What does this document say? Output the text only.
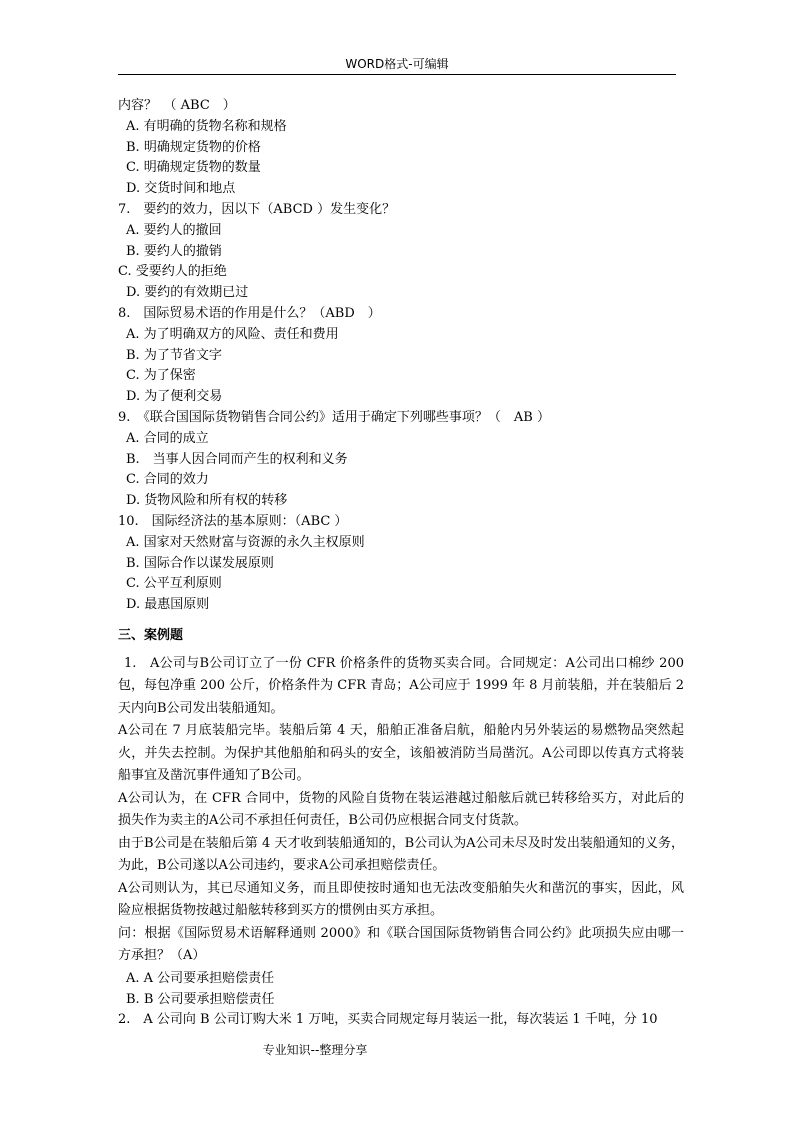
WORD格式-可编辑
内容？　（ ABC　）
A. 有明确的货物名称和规格
B. 明确规定货物的价格
C. 明确规定货物的数量
D. 交货时间和地点
7.　要约的效力，因以下（ABCD ）发生变化？
A. 要约人的撤回
B. 要约人的撤销
C. 受要约人的拒绝
D. 要约的有效期已过
8.　国际贸易术语的作用是什么？（ABD　）
A. 为了明确双方的风险、责任和费用
B. 为了节省文字
C. 为了保密
D. 为了便利交易
9.　《联合国国际货物销售合同公约》适用于确定下列哪些事项？（　AB ）
A. 合同的成立
B.　当事人因合同而产生的权利和义务
C. 合同的效力
D. 货物风险和所有权的转移
10.　国际经济法的基本原则：（ABC ）
A. 国家对天然财富与资源的永久主权原则
B. 国际合作以谋发展原则
C. 公平互利原则
D. 最惠国原则
三、案例题
1.　A公司与B公司订立了一份 CFR 价格条件的货物买卖合同。合同规定：A公司出口棉纱 200 包，每包净重 200 公斤，价格条件为 CFR 青岛；A公司应于 1999 年 8 月前装船，并在装船后 2 天内向B公司发出装船通知。
A公司在 7 月底装船完毕。装船后第 4 天，船舶正准备启航，船舱内另外装运的易燃物品突然起火，并失去控制。为保护其他船舶和码头的安全，该船被消防当局凿沉。A公司即以传真方式将装船事宜及凿沉事件通知了B公司。
A公司认为，在 CFR 合同中，货物的风险自货物在装运港越过船舷后就已转移给买方，对此后的损失作为卖主的A公司不承担任何责任，B公司仍应根据合同支付货款。
由于B公司是在装船后第 4 天才收到装船通知的，B公司认为A公司未尽及时发出装船通知的义务，为此，B公司遂以A公司违约，要求A公司承担赔偿责任。
A公司则认为，其已尽通知义务，而且即使按时通知也无法改变船舶失火和凿沉的事实，因此，风险应根据货物按越过船舷转移到买方的惯例由买方承担。
问：根据《国际贸易术语解释通则 2000》和《联合国国际货物销售合同公约》此项损失应由哪一方承担？（A）
A. A 公司要承担赔偿责任
B. B 公司要承担赔偿责任
2.　A 公司向 B 公司订购大米 1 万吨，买卖合同规定每月装运一批，每次装运 1 千吨，分 10
专业知识--整理分享
